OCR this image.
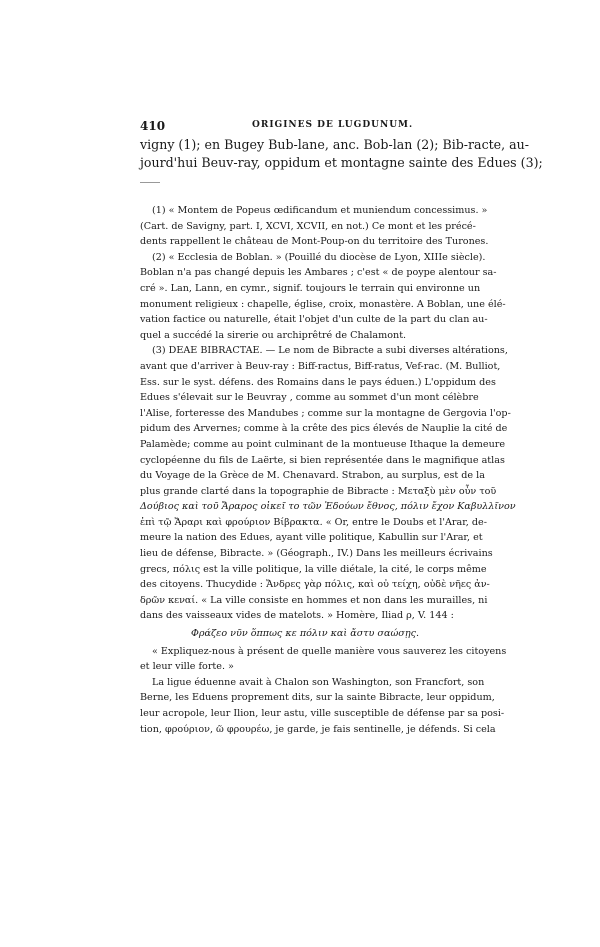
410	ORIGINES DE LUGDUNUM.
vigny (1); en Bugey Bub-lane, anc. Bob-lan (2); Bib-racte, au-
jourd'hui Beuv-ray, oppidum et montagne sainte des Edues (3);
(1) « Montem de Popeus œdificandum et muniendum concessimus. »
(Cart. de Savigny, part. I, XCVI, XCVII, en not.) Ce mont et les précé-
dents rappellent le château de Mont-Poup-on du territoire des Turones.
(2) « Ecclesia de Boblan. » (Pouillé du diocèse de Lyon, XIIIe siècle).
Boblan n'a pas changé depuis les Ambares ; c'est « de poype alentour sa-
cré ». Lan, Lann, en cymr., signif. toujours le terrain qui environne un
monument religieux : chapelle, église, croix, monastère. A Boblan, une élé-
vation factice ou naturelle, était l'objet d'un culte de la part du clan au-
quel a succédé la sirerie ou archiprêtré de Chalamont.
(3) DEAE BIBRACTAE. — Le nom de Bibracte a subi diverses altérations,
avant que d'arriver à Beuv-ray : Biff-ractus, Biff-ratus, Vef-rac. (M. Bulliot,
Ess. sur le syst. défens. des Romains dans le pays éduen.) L'oppidum des
Edues s'élevait sur le Beuvray , comme au sommet d'un mont célèbre
l'Alise, forteresse des Mandubes ; comme sur la montagne de Gergovia l'op-
pidum des Arvernes; comme à la crête des pics élevés de Nauplie la cité de
Palamède; comme au point culminant de la montueuse Ithaque la demeure
cyclopéenne du fils de Laërte, si bien représentée dans le magnifique atlas
du Voyage de la Grèce de M. Chenavard. Strabon, au surplus, est de la
plus grande clarté dans la topographie de Bibracte : Μεταξὺ μὲν οὖν τοῦ
Δούβιος καὶ τοῦ Ἄραρος οἰκεῖ το τῶν Ἐδούων ἔθνος, πόλιν ἔχον Καβυλλῖνον
ἐπὶ τῷ Ἄραρι καὶ φρούριον Βίβρακτα. « Or, entre le Doubs et l'Arar, de-
meure la nation des Edues, ayant ville politique, Kabullin sur l'Arar, et
lieu de défense, Bibracte. » (Géograph., IV.) Dans les meilleurs écrivains
grecs, πόλις est la ville politique, la ville diétale, la cité, le corps même
des citoyens. Thucydide : Ἄνδρες γὰρ πόλις, καὶ οὐ τείχη, οὐδὲ νῆες ἀν-
δρῶν κεναί. « La ville consiste en hommes et non dans les murailles, ni
dans des vaisseaux vides de matelots. » Homère, Iliad ρ, V. 144 :
Φράζεο νῦν ὅππως κε πόλιν καὶ ἄστυ σαώσῃς.
« Expliquez-nous à présent de quelle manière vous sauverez les citoyens
et leur ville forte. »
La ligue éduenne avait à Chalon son Washington, son Francfort, son
Berne, les Eduens proprement dits, sur la sainte Bibracte, leur oppidum,
leur acropole, leur Ilion, leur astu, ville susceptible de défense par sa posi-
tion, φρούριον, ῶ φρουρέω, je garde, je fais sentinelle, je défends. Si cela
